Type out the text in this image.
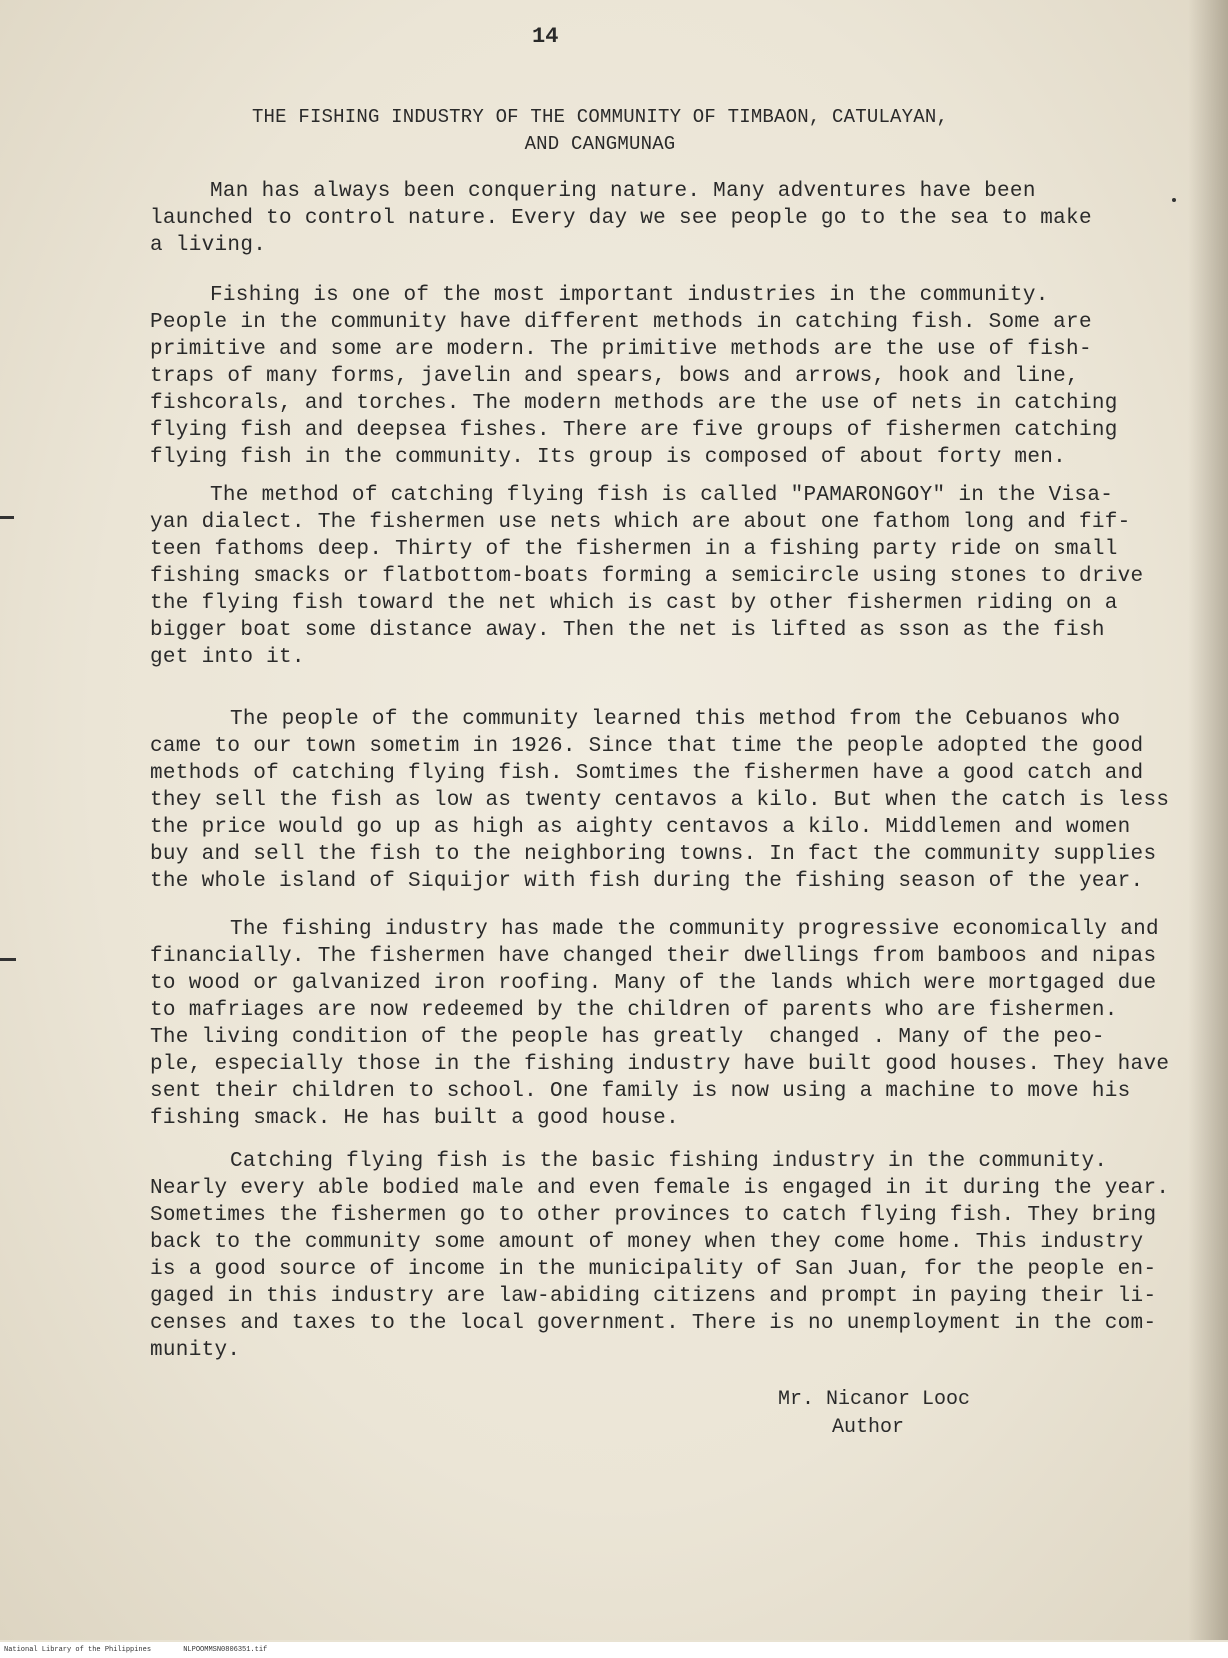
14
THE FISHING INDUSTRY OF THE COMMUNITY OF TIMBAON, CATULAYAN,
AND CANGMUNAG
Man has always been conquering nature. Many adventures have been
launched to control nature. Every day we see people go to the sea to make
a living.
Fishing is one of the most important industries in the community.
People in the community have different methods in catching fish. Some are
primitive and some are modern. The primitive methods are the use of fish-
traps of many forms, javelin and spears, bows and arrows, hook and line,
fishcorals, and torches. The modern methods are the use of nets in catching
flying fish and deepsea fishes. There are five groups of fishermen catching
flying fish in the community. Its group is composed of about forty men.
The method of catching flying fish is called "PAMARONGOY" in the Visa-
yan dialect. The fishermen use nets which are about one fathom long and fif-
teen fathoms deep. Thirty of the fishermen in a fishing party ride on small
fishing smacks or flatbottom-boats forming a semicircle using stones to drive
the flying fish toward the net which is cast by other fishermen riding on a
bigger boat some distance away. Then the net is lifted as sson as the fish
get into it.
The people of the community learned this method from the Cebuanos who
came to our town sometim in 1926. Since that time the people adopted the good
methods of catching flying fish. Somtimes the fishermen have a good catch and
they sell the fish as low as twenty centavos a kilo. But when the catch is less
the price would go up as high as aighty centavos a kilo. Middlemen and women
buy and sell the fish to the neighboring towns. In fact the community supplies
the whole island of Siquijor with fish during the fishing season of the year.
The fishing industry has made the community progressive economically and
financially. The fishermen have changed their dwellings from bamboos and nipas
to wood or galvanized iron roofing. Many of the lands which were mortgaged due
to mafriages are now redeemed by the children of parents who are fishermen.
The living condition of the people has greatly  changed . Many of the peo-
ple, especially those in the fishing industry have built good houses. They have
sent their children to school. One family is now using a machine to move his
fishing smack. He has built a good house.
Catching flying fish is the basic fishing industry in the community.
Nearly every able bodied male and even female is engaged in it during the year.
Sometimes the fishermen go to other provinces to catch flying fish. They bring
back to the community some amount of money when they come home. This industry
is a good source of income in the municipality of San Juan, for the people en-
gaged in this industry are law-abiding citizens and prompt in paying their li-
censes and taxes to the local government. There is no unemployment in the com-
munity.
Mr. Nicanor Looc
Author
National Library of the Philippines	NLPOOMMSN0806351.tif
